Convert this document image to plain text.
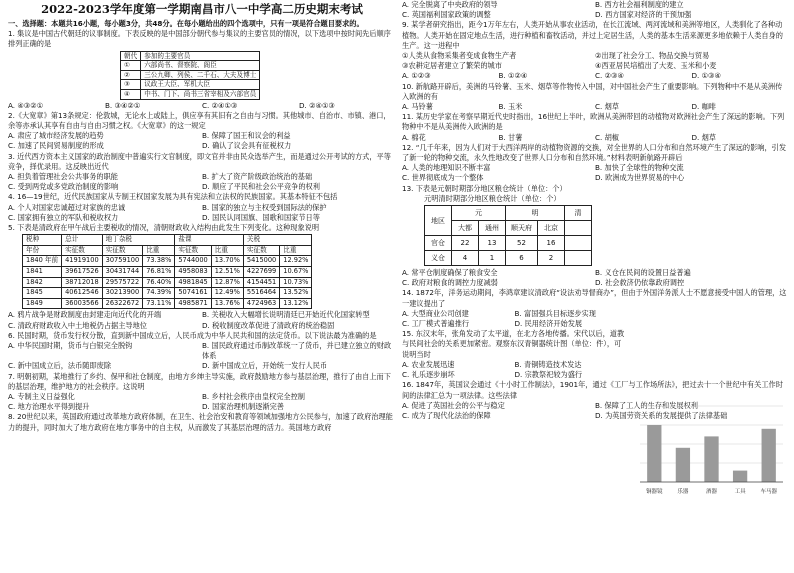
2022-2023学年度第一学期南昌市八一中学高二历史期末考试

一、选择题：本题共16小题，每小题3分，共48分。在每小题给出的四个选项中，只有一项是符合题目要求的。

1. 集议是中国古代朝廷的议事制度。下表反映的是中国部分朝代参与集议的主要官员的情况，以下选项中按时间先后顺序排列正确的是

朝代	参加的主要官员
①	六部尚书、督察院、阁臣
②	三公九卿、列侯、二千石、大夫及博士
③	议政王大臣、军机大臣
④	中书、门下、尚书三省宰相及六部官员
A. ④③②①	B. ③④②①	C. ②④①③	D. ②④①③

2.《大宽章》第13条规定：伦敦城，无论水上或陆上，俱应享有其旧有之自由与习惯。其他城市、自治市、市镇、港口，余等亦承认其享有自由与自由习惯之权。《大宽章》的这一规定

A. 肃应了城市经济发展的趋势	B. 保障了国王和议会的利益
C. 加速了民间贸易制度的形成	D. 确认了议会具有征税权力

3. 近代西方资本主义国家的政治制度中普遍实行文官制度，即文官并非由民众选举产生，而是通过公开考试的方式，平等竞争，择优录用。这反映出近代

A. 担负着管理社会公共事务的职能	B. 扩大了资产阶级政治统治的基础
C. 受到两党或多党政治制度的影响	D. 顺应了平民和社会公平竞争的权利

4. 16—19世纪，近代民族国家从专制王权国家发展为具有宪法和立法权的民族国家。其基本特征不包括

A. 个人对国家忠诚超过对家族的忠诚	B. 国家的独立与主权受到国际法的保护
C. 国家拥有独立的军队和税收权力	D. 国民认同国旗、国歌和国家节日等

5. 下表是清政府在甲午战后主要税收的情况，清朝财政收入结构由此发生下列变化。这种现象说明

税种	总计	地丁杂税		盐课		关税	
年份	实征数	实征数	比重	实征数	比重	实征数	比重
1840 年前	41919100	30759100	73.38%	5744000	13.70%	5415000	12.92%
1841	39617526	30431744	76.81%	4958083	12.51%	4227699	10.67%
1842	38712018	29575722	76.40%	4981845	12.87%	4154451	10.73%
1845	40612546	30213900	74.39%	5074161	12.49%	5516464	13.52%
1849	36003566	26322672	73.11%	4985871	13.76%	4724963	13.12%
A. 鸦片战争是财政制度由封建走向近代化的开端	B. 关税收入大幅增长说明清廷已开始近代化国家转型
C. 清政府财政收入中土地税仍占据主导地位	D. 税收制度改革促进了清政府的统治稳固

6. 民国时期，货币发行权分散，直到新中国成立后，人民币成为中华人民共和国的法定货币。以下说法最为准确的是

A. 中华民国时期，货币与白银完全脱钩	B. 国民政府通过币制改革统一了货币，并已建立独立的财政体系
C. 新中国成立后，法币随即废除	D. 新中国成立后，开始统一发行人民币

7. 明朝初期，某地推行了乡约、保甲和社仓制度，由地方乡绅主导实施，政府鼓励地方参与基层治理，推行了由自上而下的基层治理，维护地方的社会秩序。这说明

A. 专制主义日益强化	B. 乡村社会秩序由皇权完全控制
C. 地方治理水平得到提升	D. 国家治理机制逐渐完善

8. 20世纪以来，英国政府通过改革地方政府体制，在卫生、社会治安和教育等领域加强地方公民参与，加速了政府治理能力的提升，同时加大了地方政府在地方事务中的自主权，从而激发了其基层治理的活力。英国地方政府

A. 完全脱离了中央政府的领导	B. 西方社会福利制度的建立
C. 英国福利国家政策的调整	D. 西方国家对经济的干预加强

9. 某学者研究指出，距今1万年左右，人类开始从事农业活动，在长江流域、两河流域和美洲等地区，人类驯化了各种动植物。人类开始在固定地点生活，进行种植和畜牧活动，并过上定居生活，人类的基本生活来源更多地依赖于人类自身的生产。这一进程中

①人类从食物采集者变成食物生产者	②出现了社会分工、物品交换与贸易
③农耕定居者建立了繁荣的城市	④西亚居民培植出了大麦、玉米和小麦
A. ①②③	B. ①②④	C. ②③④	D. ①③④

10. 新航路开辟后，美洲的马铃薯、玉米、烟草等作物传入中国，对中国社会产生了重要影响。下列物种中不是从美洲传入欧洲的有

A. 马铃薯	B. 玉米	C. 烟草	D. 咖啡

11. 某历史学家在考察早期近代史时指出，16世纪上半叶，欧洲从美洲带回的动植物对欧洲社会产生了深远的影响。下列物种中不是从美洲传入欧洲的是

A. 棉花	B. 甘薯	C. 胡椒	D. 烟草

12. “几千年来，因为人们对于大西洋两岸的动植物资源的交换，对全世界的人口分布和自然环境产生了深远的影响，引发了新一轮的物种交流，永久性地改变了世界人口分布和自然环境。”材料表明新航路开辟后

A. 人类的地理知识不断丰富	B. 加快了全球性的物种交流
C. 世界彻底成为一个整体	D. 欧洲成为世界贸易的中心

13. 下表是元朝时期部分地区粮仓统计（单位：个）

元明清时期部分地区粮仓统计（单位：个）

地区	元		明		清
	大都	通州	顺天府	北京	
官仓	22	13	52	16	
义仓	4	1	6	2	
A. 常平仓制度确保了粮食安全	B. 义仓在民间的设置日益普遍
C. 政府对粮食的调控力度减弱	D. 社会救济仍依靠政府调控

14. 1872年，洋务运动期间，李鸿章建议清政府“设法劝导督商办”，但由于外国洋务派人士不愿意接受中国人的管理，这一建议提出了

A. 大型商业公司创建	B. 富国强兵目标逐步实现
C. 工厂模式普遍推行	D. 民用经济开始发展

15. 东汉末年，张角发动了太平道，在北方各地传播。宋代以后，道教与民间社会的关系更加紧密。观察东汉青铜器统计图（单位：件），可说明当时

A. 农业发展迅速	B. 青铜铸造技术发达
C. 礼乐逐步崩坏	D. 宗教祭祀较为盛行

16. 1847年，英国议会通过《十小时工作制法》，1901年，通过《工厂与工作场所法》，把过去十一个世纪中有关工作时间的法律汇总为一项法律。这些法律

A. 促进了英国社会的公平与稳定	B. 保障了工人的生存和发展权利
C. 成为了现代化法治的保障	D. 为英国劳资关系的发展提供了法律基础
铜器镜	乐器	酒器	工具	车马器
